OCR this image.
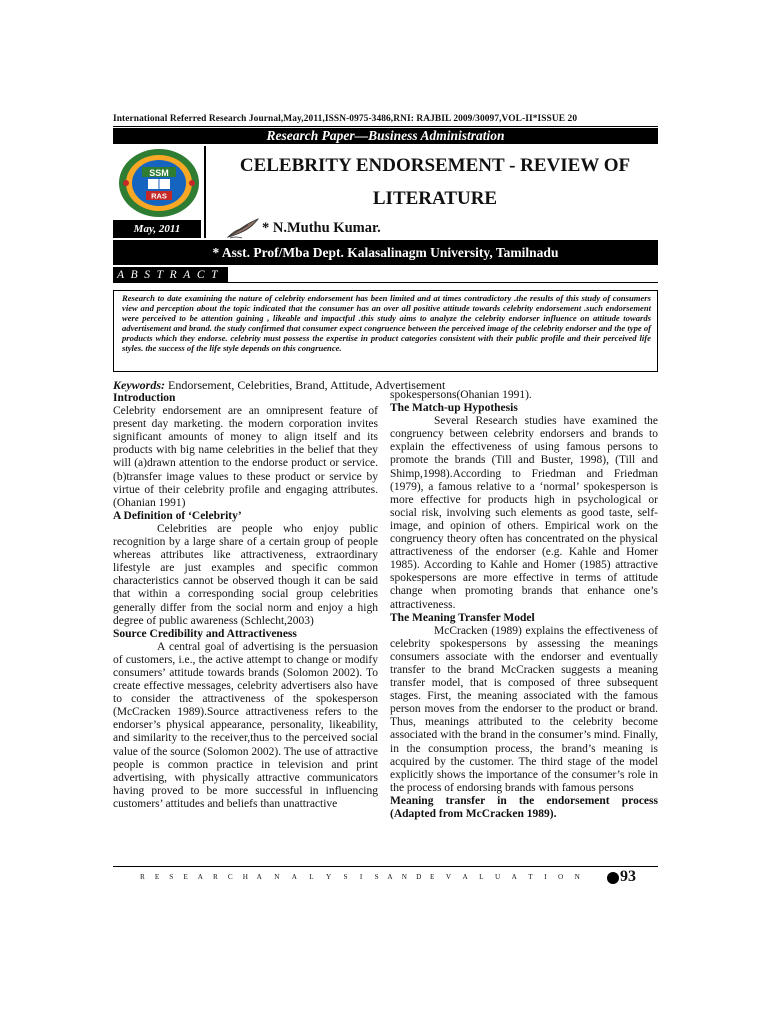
International Referred Research Journal,May,2011,ISSN-0975-3486,RNI: RAJBIL 2009/30097,VOL-II*ISSUE 20
Research Paper—Business Administration
SSM
RAS
CELEBRITY ENDORSEMENT - REVIEW OF
LITERATURE
May, 2011	* N.Muthu Kumar.
* Asst. Prof/Mba Dept. Kalasalinagm University, Tamilnadu
ABSTRACT
Research to date examining the nature of celebrity endorsement has been limited and at times contradictory .the results of this study of consumers view and perception about the topic indicated that the consumer has an over all positive attitude towards celebrity endorsement .such endorsement were perceived to be attention gaining , likeable and impactful .this study aims to analyze the celebrity endorser influence on attitude towards advertisement and brand. the study confirmed that consumer expect congruence between the perceived image of the celebrity endorser and the type of products which they endorse. celebrity must possess the expertise in product categories consistent with their public profile and their perceived life styles. the success of the life style depends on this congruence.
Keywords: Endorsement, Celebrities, Brand, Attitude, Advertisement
Introduction

Celebrity endorsement are an omnipresent feature of present day marketing. the modern corporation invites significant amounts of money to align itself and its products with big name celebrities in the belief that they will (a)drawn attention to the endorse product or service. (b)transfer image values to these product or service by virtue of their celebrity profile and engaging attributes. (Ohanian 1991)

A Definition of ‘Celebrity’

Celebrities are people who enjoy public recognition by a large share of a certain group of people whereas attributes like attractiveness, extraordinary lifestyle are just examples and specific common characteristics cannot be observed though it can be said that within a corresponding social group celebrities generally differ from the social norm and enjoy a high degree of public awareness (Schlecht,2003)

Source Credibility and Attractiveness

A central goal of advertising is the persuasion of customers, i.e., the active attempt to change or modify consumers’ attitude towards brands (Solomon 2002). To create effective messages, celebrity advertisers also have to consider the attractiveness of the spokesperson (McCracken 1989).Source attractiveness refers to the endorser’s physical appearance, personality, likeability, and similarity to the receiver,thus to the perceived social value of the source (Solomon 2002). The use of attractive people is common practice in television and print advertising, with physically attractive communicators having proved to be more successful in influencing customers’ attitudes and beliefs than unattractive

spokespersons(Ohanian 1991).

The Match-up Hypothesis

Several Research studies have examined the congruency between celebrity endorsers and brands to explain the effectiveness of using famous persons to promote the brands (Till and Buster, 1998), (Till and Shimp,1998).According to Friedman and Friedman (1979), a famous relative to a ‘normal’ spokesperson is more effective for products high in psychological or social risk, involving such elements as good taste, self-image, and opinion of others. Empirical work on the congruency theory often has concentrated on the physical attractiveness of the endorser (e.g. Kahle and Homer 1985). According to Kahle and Homer (1985) attractive spokespersons are more effective in terms of attitude change when promoting brands that enhance one’s attractiveness.

The Meaning Transfer Model

McCracken (1989) explains the effectiveness of celebrity spokespersons by assessing the meanings consumers associate with the endorser and eventually transfer to the brand McCracken suggests a meaning transfer model, that is composed of three subsequent stages. First, the meaning associated with the famous person moves from the endorser to the product or brand. Thus, meanings attributed to the celebrity become associated with the brand in the consumer’s mind. Finally, in the consumption process, the brand’s meaning is acquired by the customer. The third stage of the model explicitly shows the importance of the consumer’s role in the process of endorsing brands with famous persons

Meaning transfer in the endorsement process (Adapted from McCracken 1989).
R E S E A R C H A N A L Y S I S A N D E V A L U A T I O N	93
